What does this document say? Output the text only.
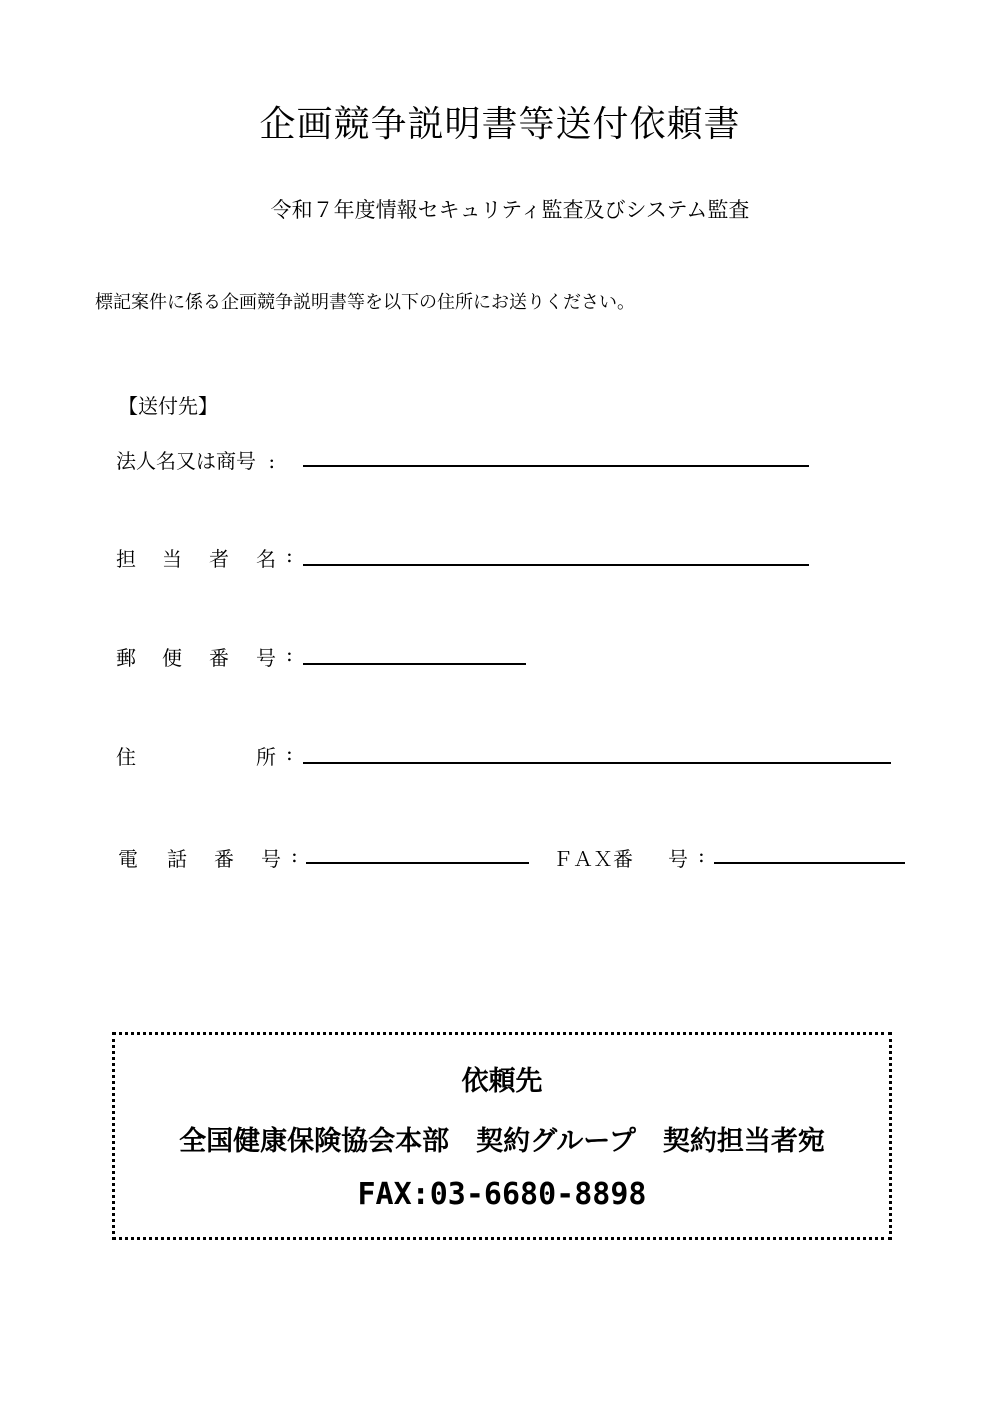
企画競争説明書等送付依頼書
令和７年度情報セキュリティ監査及びシステム監査
標記案件に係る企画競争説明書等を以下の住所にお送りください。
【送付先】
法人名又は商号 :
担 当 者 名 :
郵 便 番 号 :
住	所 :
電 話 番 号 :	ＦＡＸ番 号 :
依頼先
全国健康保険協会本部　契約グループ　契約担当者宛
FAX:03-6680-8898
